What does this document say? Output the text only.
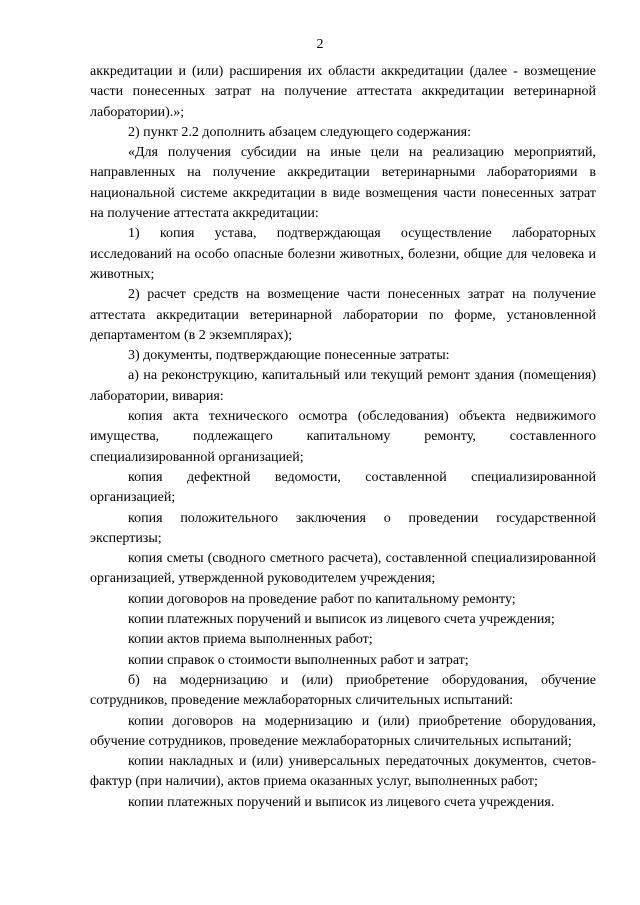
2

аккредитации и (или) расширения их области аккредитации (далее - возмещение части понесенных затрат на получение аттестата аккредитации ветеринарной лаборатории).»;

2) пункт 2.2 дополнить абзацем следующего содержания:

«Для получения субсидии на иные цели на реализацию мероприятий, направленных на получение аккредитации ветеринарными лабораториями в национальной системе аккредитации в виде возмещения части понесенных затрат на получение аттестата аккредитации:

1) копия устава, подтверждающая осуществление лабораторных исследований на особо опасные болезни животных, болезни, общие для человека и животных;

2) расчет средств на возмещение части понесенных затрат на получение аттестата аккредитации ветеринарной лаборатории по форме, установленной департаментом (в 2 экземплярах);

3) документы, подтверждающие понесенные затраты:

а) на реконструкцию, капитальный или текущий ремонт здания (помещения) лаборатории, вивария:

копия акта технического осмотра (обследования) объекта недвижимого имущества, подлежащего капитальному ремонту, составленного специализированной организацией;

копия дефектной ведомости, составленной специализированной организацией;

копия положительного заключения о проведении государственной экспертизы;

копия сметы (сводного сметного расчета), составленной специализированной организацией, утвержденной руководителем учреждения;

копии договоров на проведение работ по капитальному ремонту;

копии платежных поручений и выписок из лицевого счета учреждения;

копии актов приема выполненных работ;

копии справок о стоимости выполненных работ и затрат;

б) на модернизацию и (или) приобретение оборудования, обучение сотрудников, проведение межлабораторных сличительных испытаний:

копии договоров на модернизацию и (или) приобретение оборудования, обучение сотрудников, проведение межлабораторных сличительных испытаний;

копии накладных и (или) универсальных передаточных документов, счетов-фактур (при наличии), актов приема оказанных услуг, выполненных работ;

копии платежных поручений и выписок из лицевого счета учреждения.
